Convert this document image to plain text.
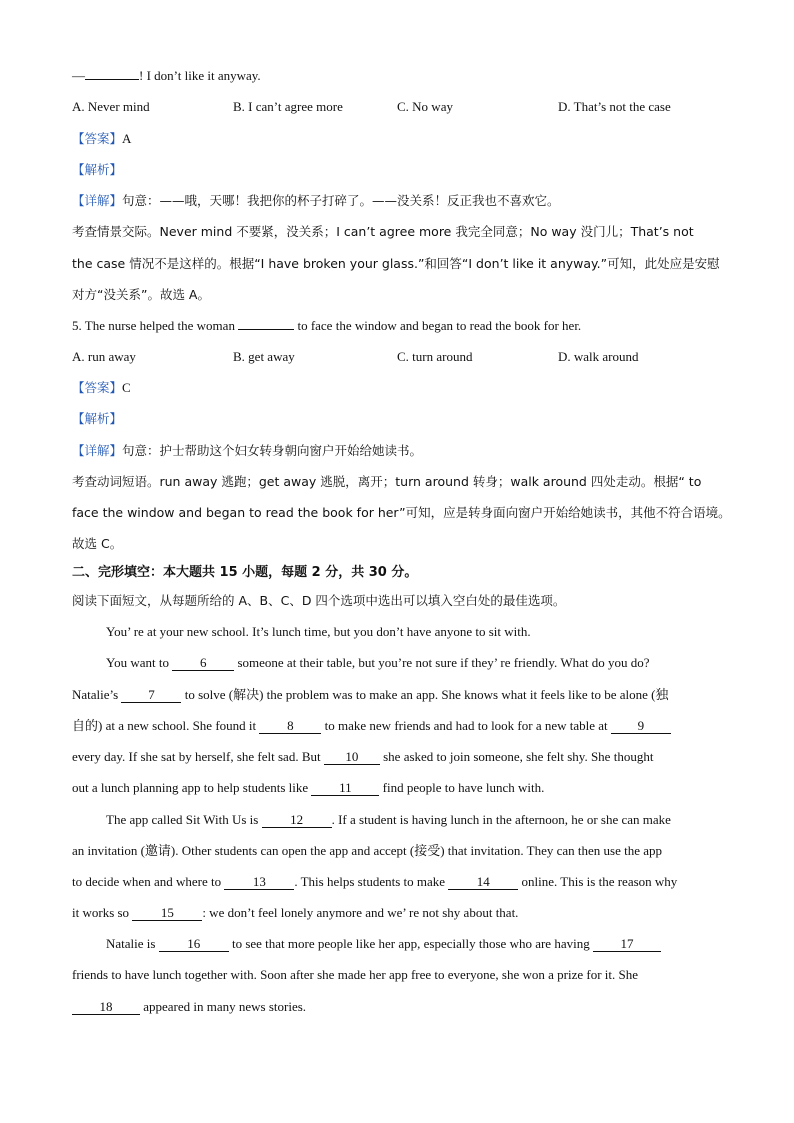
—	! I don’t like it anyway.
A. Never mind	B. I can’t agree more	C. No way	D. That’s not the case
【答案】A
【解析】
【详解】句意：——哦，天哪！我把你的杯子打碎了。——没关系！反正我也不喜欢它。
考查情景交际。Never mind 不要紧，没关系；I can’t agree more 我完全同意；No way 没门儿；That’s not
the case 情况不是这样的。根据“I have broken your glass.”和回答“I don’t like it anyway.”可知，此处应是安慰
对方“没关系”。故选 A。
5. The nurse helped the woman	to face the window and began to read the book for her.
A. run away	B. get away	C. turn around	D. walk around
【答案】C
【解析】
【详解】句意：护士帮助这个妇女转身朝向窗户开始给她读书。
考查动词短语。run away 逃跑；get away 逃脱，离开；turn around 转身；walk around 四处走动。根据“ to
face the window and began to read the book for her”可知，应是转身面向窗户开始给她读书，其他不符合语境。
故选 C。
二、完形填空：本大题共 15 小题，每题 2 分，共 30 分。
阅读下面短文，从每题所给的 A、B、C、D 四个选项中选出可以填入空白处的最佳选项。
You’ re at your new school. It’s lunch time, but you don’t have anyone to sit with.
You want to 6 someone at their table, but you’re not sure if they’ re friendly. What do you do?
Natalie’s 7 to solve (解决) the problem was to make an app. She knows what it feels like to be alone (独
自的) at a new school. She found it 8 to make new friends and had to look for a new table at 9
every day. If she sat by herself, she felt sad. But 10 she asked to join someone, she felt shy. She thought
out a lunch planning app to help students like 11 find people to have lunch with.
The app called Sit With Us is 12 . If a student is having lunch in the afternoon, he or she can make
an invitation (邀请). Other students can open the app and accept (接受) that invitation. They can then use the app
to decide when and where to 13 . This helps students to make 14 online. This is the reason why
it works so 15 : we don’t feel lonely anymore and we’ re not shy about that.
Natalie is 16 to see that more people like her app, especially those who are having 17
friends to have lunch together with. Soon after she made her app free to everyone, she won a prize for it. She
18 appeared in many news stories.
